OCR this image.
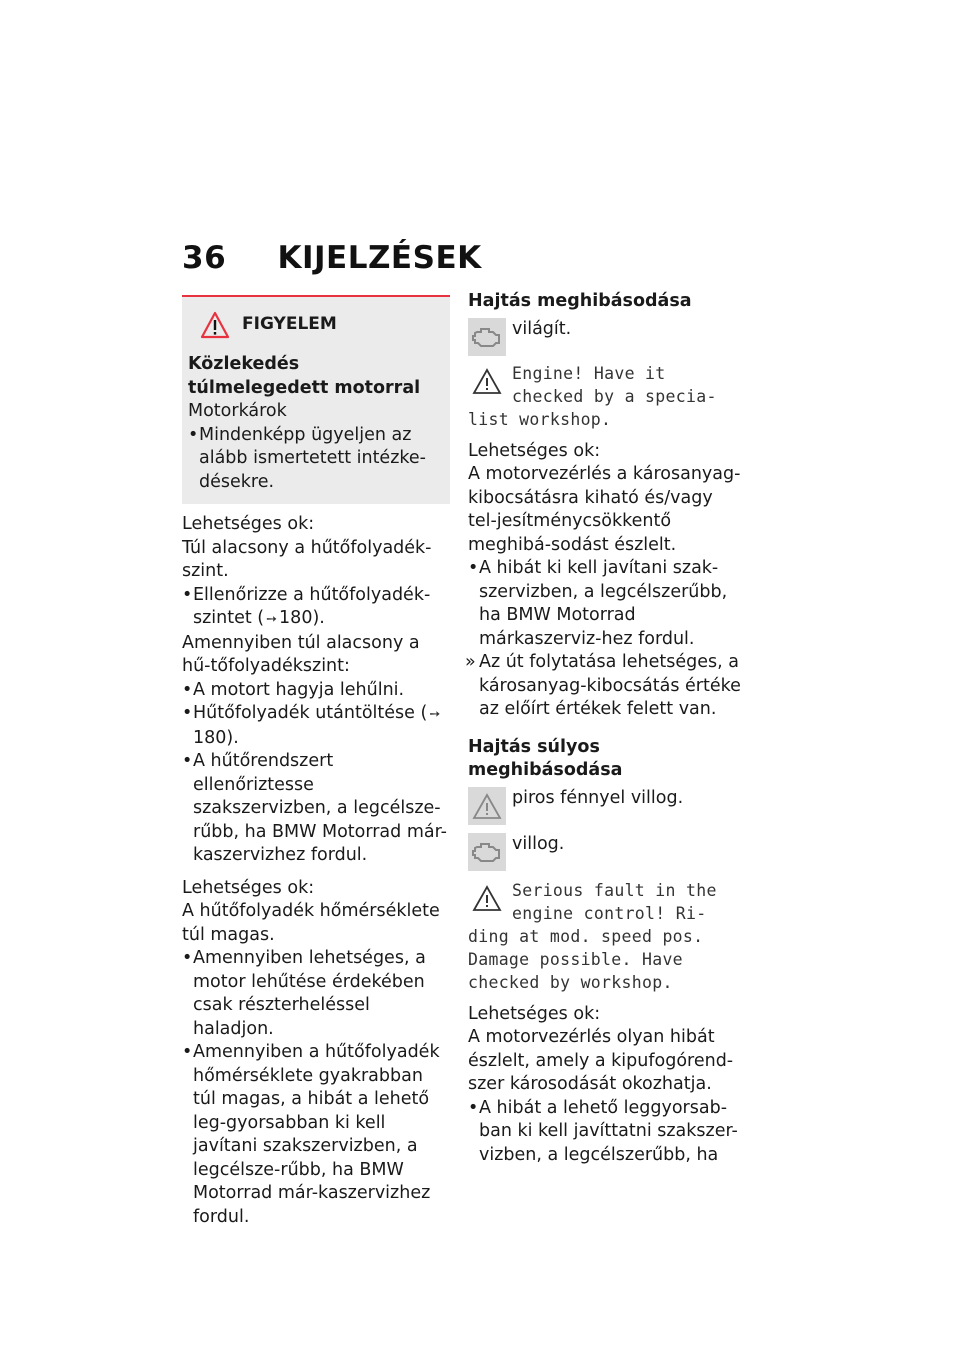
36 KIJELZÉSEK
FIGYELEM

Közlekedés túlmelegedett motorral

Motorkárok

• Mindenképp ügyeljen az alább ismertetett intézke-désekre.

Lehetséges ok:

Túl alacsony a hűtőfolyadék-szint.

• Ellenőrizze a hűtőfolyadék-szintet ( ➙ 180).

Amennyiben túl alacsony a hű-tőfolyadékszint:

• A motort hagyja lehűlni.
• Hűtőfolyadék utántöltése ( ➙180).
• A hűtőrendszert ellenőriztesse szakszervizben, a legcélsze-rűbb, ha BMW Motorrad már-kaszervizhez fordul.

Lehetséges ok:

A hűtőfolyadék hőmérséklete túl magas.

• Amennyiben lehetséges, a motor lehűtése érdekében csak részterheléssel haladjon.
• Amennyiben a hűtőfolyadék hőmérséklete gyakrabban túl magas, a hibát a lehető leg-gyorsabban ki kell javítani szakszervizben, a legcélsze-rűbb, ha BMW Motorrad már-kaszervizhez fordul.

Hajtás meghibásodása

világít.
Engine! Have it
checked by a specia-
list workshop.

Lehetséges ok:

A motorvezérlés a károsanyag-kibocsátásra kiható és/vagy tel-jesítménycsökkentő meghibá-sodást észlelt.

• A hibát ki kell javítani szak-szervizben, a legcélszerűbb, ha BMW Motorrad márkaszerviz-hez fordul.
» Az út folytatása lehetséges, a károsanyag-kibocsátás értéke az előírt értékek felett van.

Hajtás súlyos meghibásodása

piros fénnyel villog.
villog.
Serious fault in the
engine control! Ri-
ding at mod. speed pos.
Damage possible. Have
checked by workshop.

Lehetséges ok:

A motorvezérlés olyan hibát észlelt, amely a kipufogórend-szer károsodását okozhatja.

• A hibát a lehető leggyorsab-ban ki kell javíttatni szakszer-vizben, a legcélszerűbb, ha
